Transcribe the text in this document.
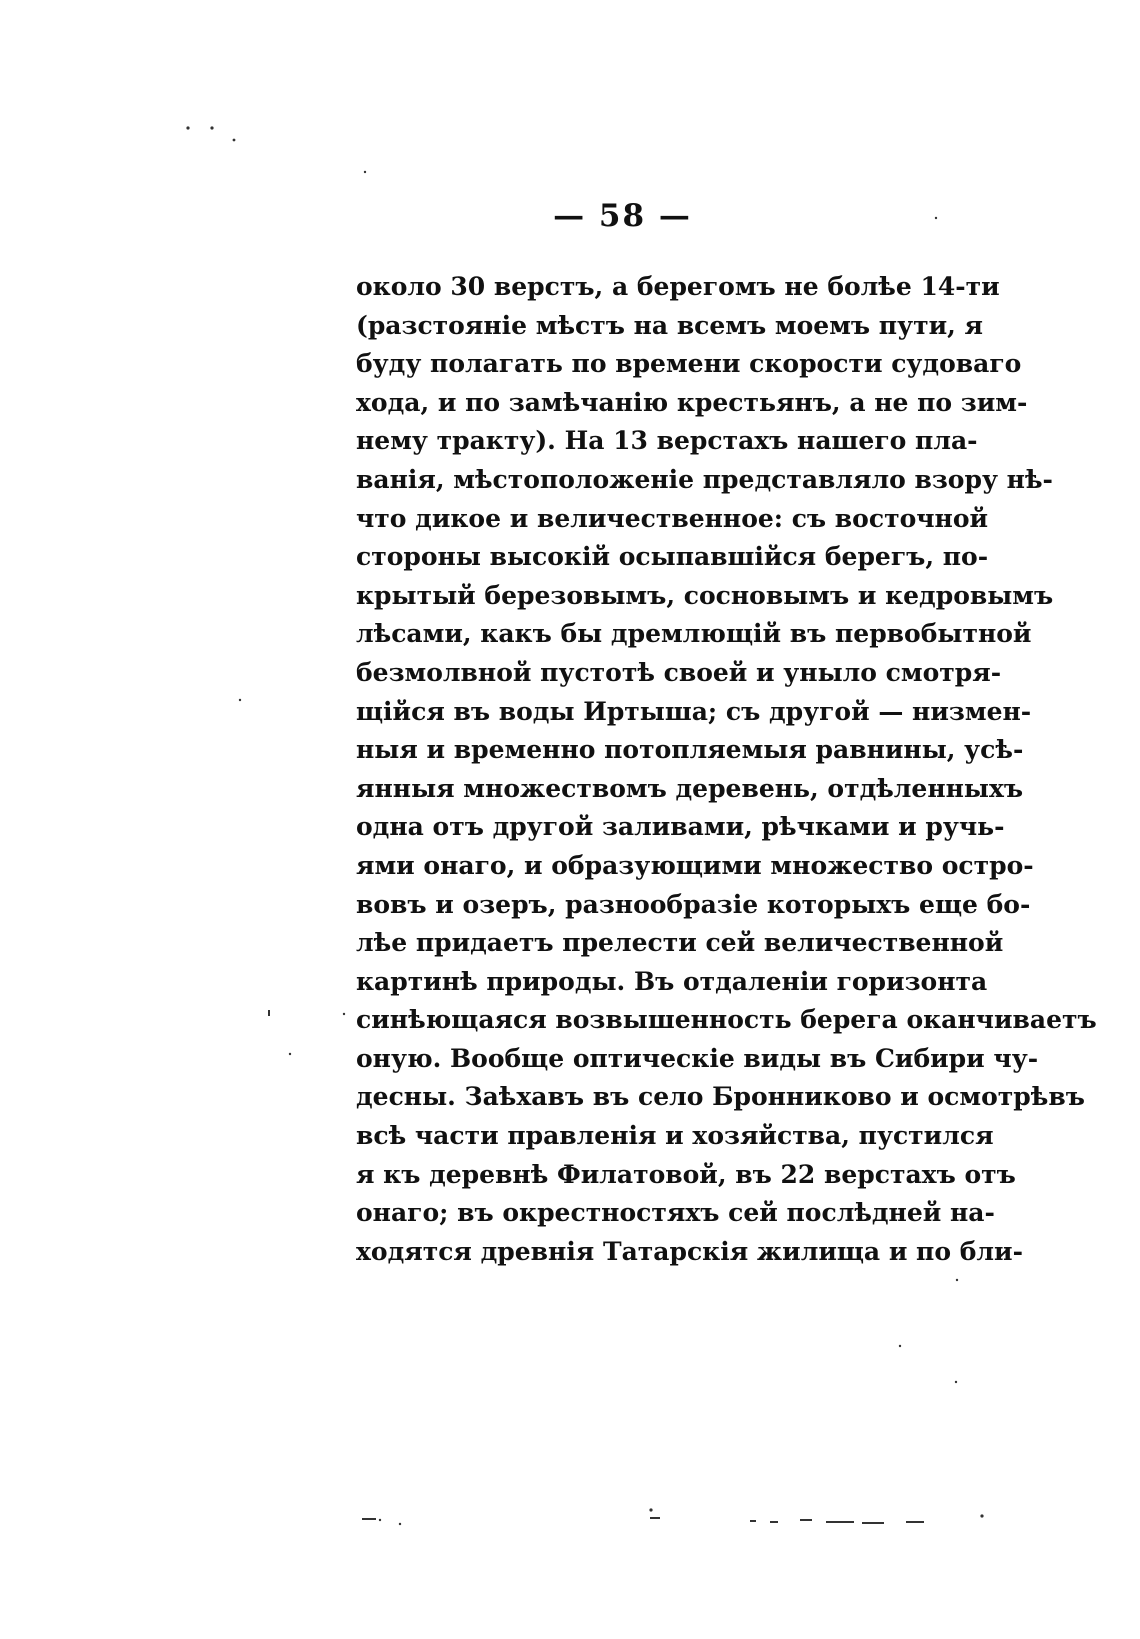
— 58 —
около 30 верстъ, а берегомъ не болѣе 14-ти
(разстояніе мѣстъ на всемъ моемъ пути, я
буду полагать по времени скорости судоваго
хода, и по замѣчанію крестьянъ, а не по зим-
нему тракту). На 13 верстахъ нашего пла-
ванія, мѣстоположеніе представляло взору нѣ-
что дикое и величественное: съ восточной
стороны высокій осыпавшійся берегъ, по-
крытый березовымъ, сосновымъ и кедровымъ
лѣсами, какъ бы дремлющій въ первобытной
безмолвной пустотѣ своей и уныло смотря-
щійся въ воды Иртыша; съ другой — низмен-
ныя и временно потопляемыя равнины, усѣ-
янныя множествомъ деревень, отдѣленныхъ
одна отъ другой заливами, рѣчками и ручь-
ями онаго, и образующими множество остро-
вовъ и озеръ, разнообразіе которыхъ еще бо-
лѣе придаетъ прелести сей величественной
картинѣ природы. Въ отдаленіи горизонта
синѣющаяся возвышенность берега оканчиваетъ
оную. Вообще оптическіе виды въ Сибири чу-
десны. Заѣхавъ въ село Бронниково и осмотрѣвъ
всѣ части правленія и хозяйства, пустился
я къ деревнѣ Филатовой, въ 22 верстахъ отъ
онаго; въ окрестностяхъ сей послѣдней на-
ходятся древнія Татарскія жилища и по бли-
